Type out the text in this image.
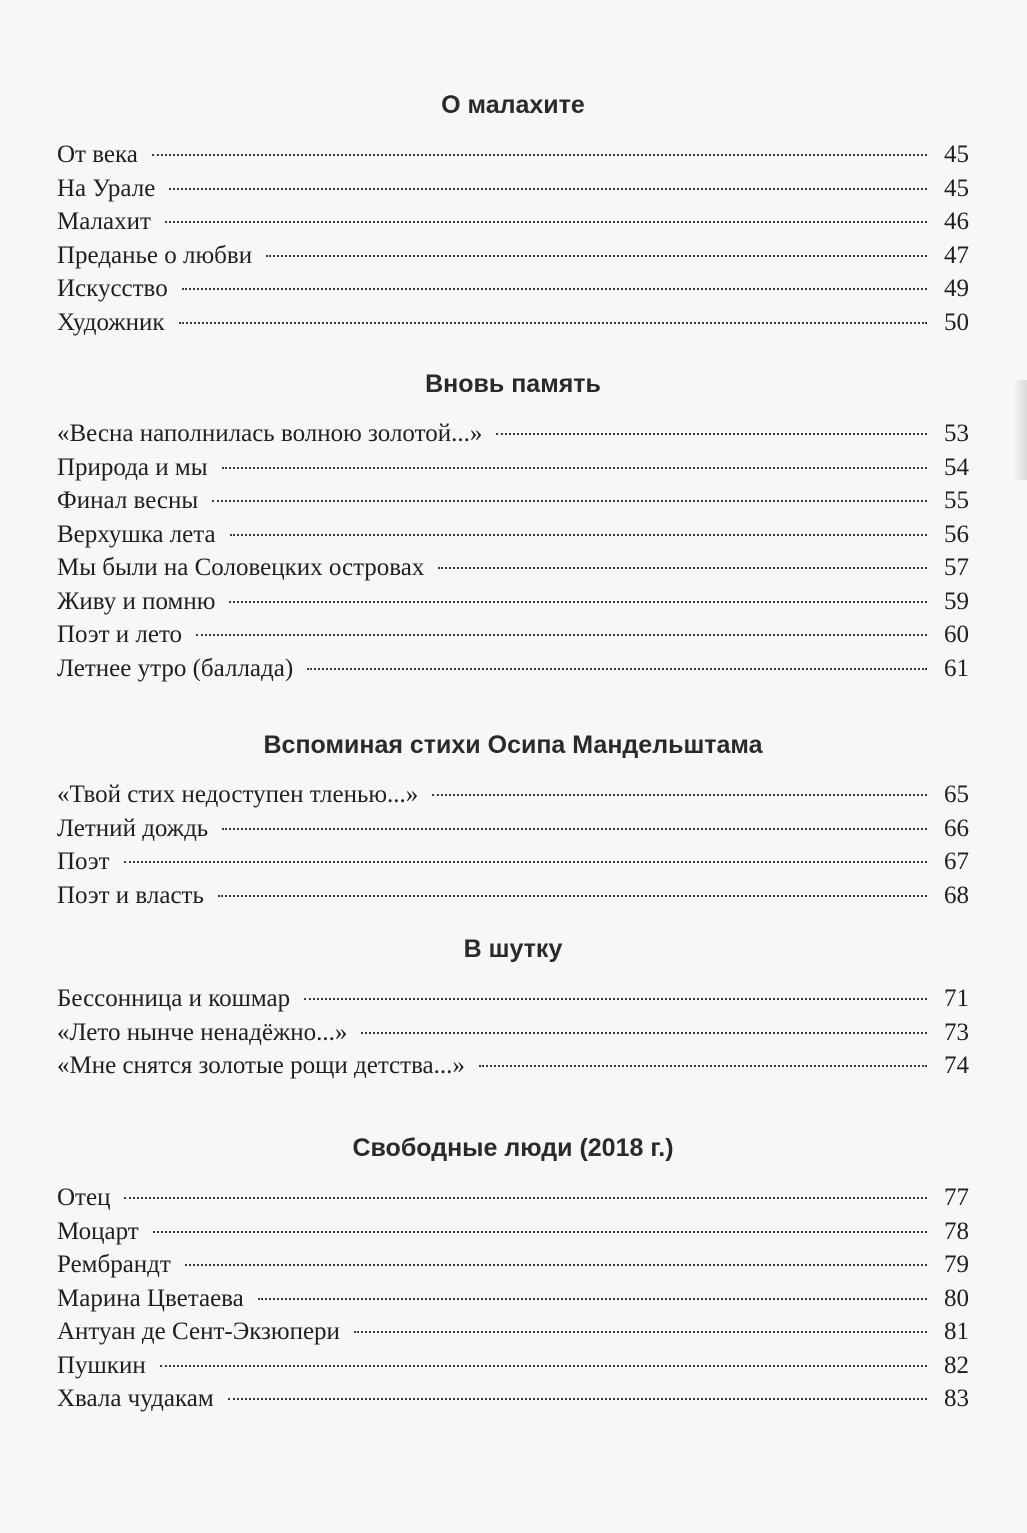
О малахите
От века	45
На Урале	45
Малахит	46
Преданье о любви	47
Искусство	49
Художник	50
Вновь память
«Весна наполнилась волною золотой...»	53
Природа и мы	54
Финал весны	55
Верхушка лета	56
Мы были на Соловецких островах	57
Живу и помню	59
Поэт и лето	60
Летнее утро (баллада)	61
Вспоминая стихи Осипа Мандельштама
«Твой стих недоступен тленью...»	65
Летний дождь	66
Поэт	67
Поэт и власть	68
В шутку
Бессонница и кошмар	71
«Лето нынче ненадёжно...»	73
«Мне снятся золотые рощи детства...»	74
Свободные люди (2018 г.)
Отец	77
Моцарт	78
Рембрандт	79
Марина Цветаева	80
Антуан де Сент-Экзюпери	81
Пушкин	82
Хвала чудакам	83
